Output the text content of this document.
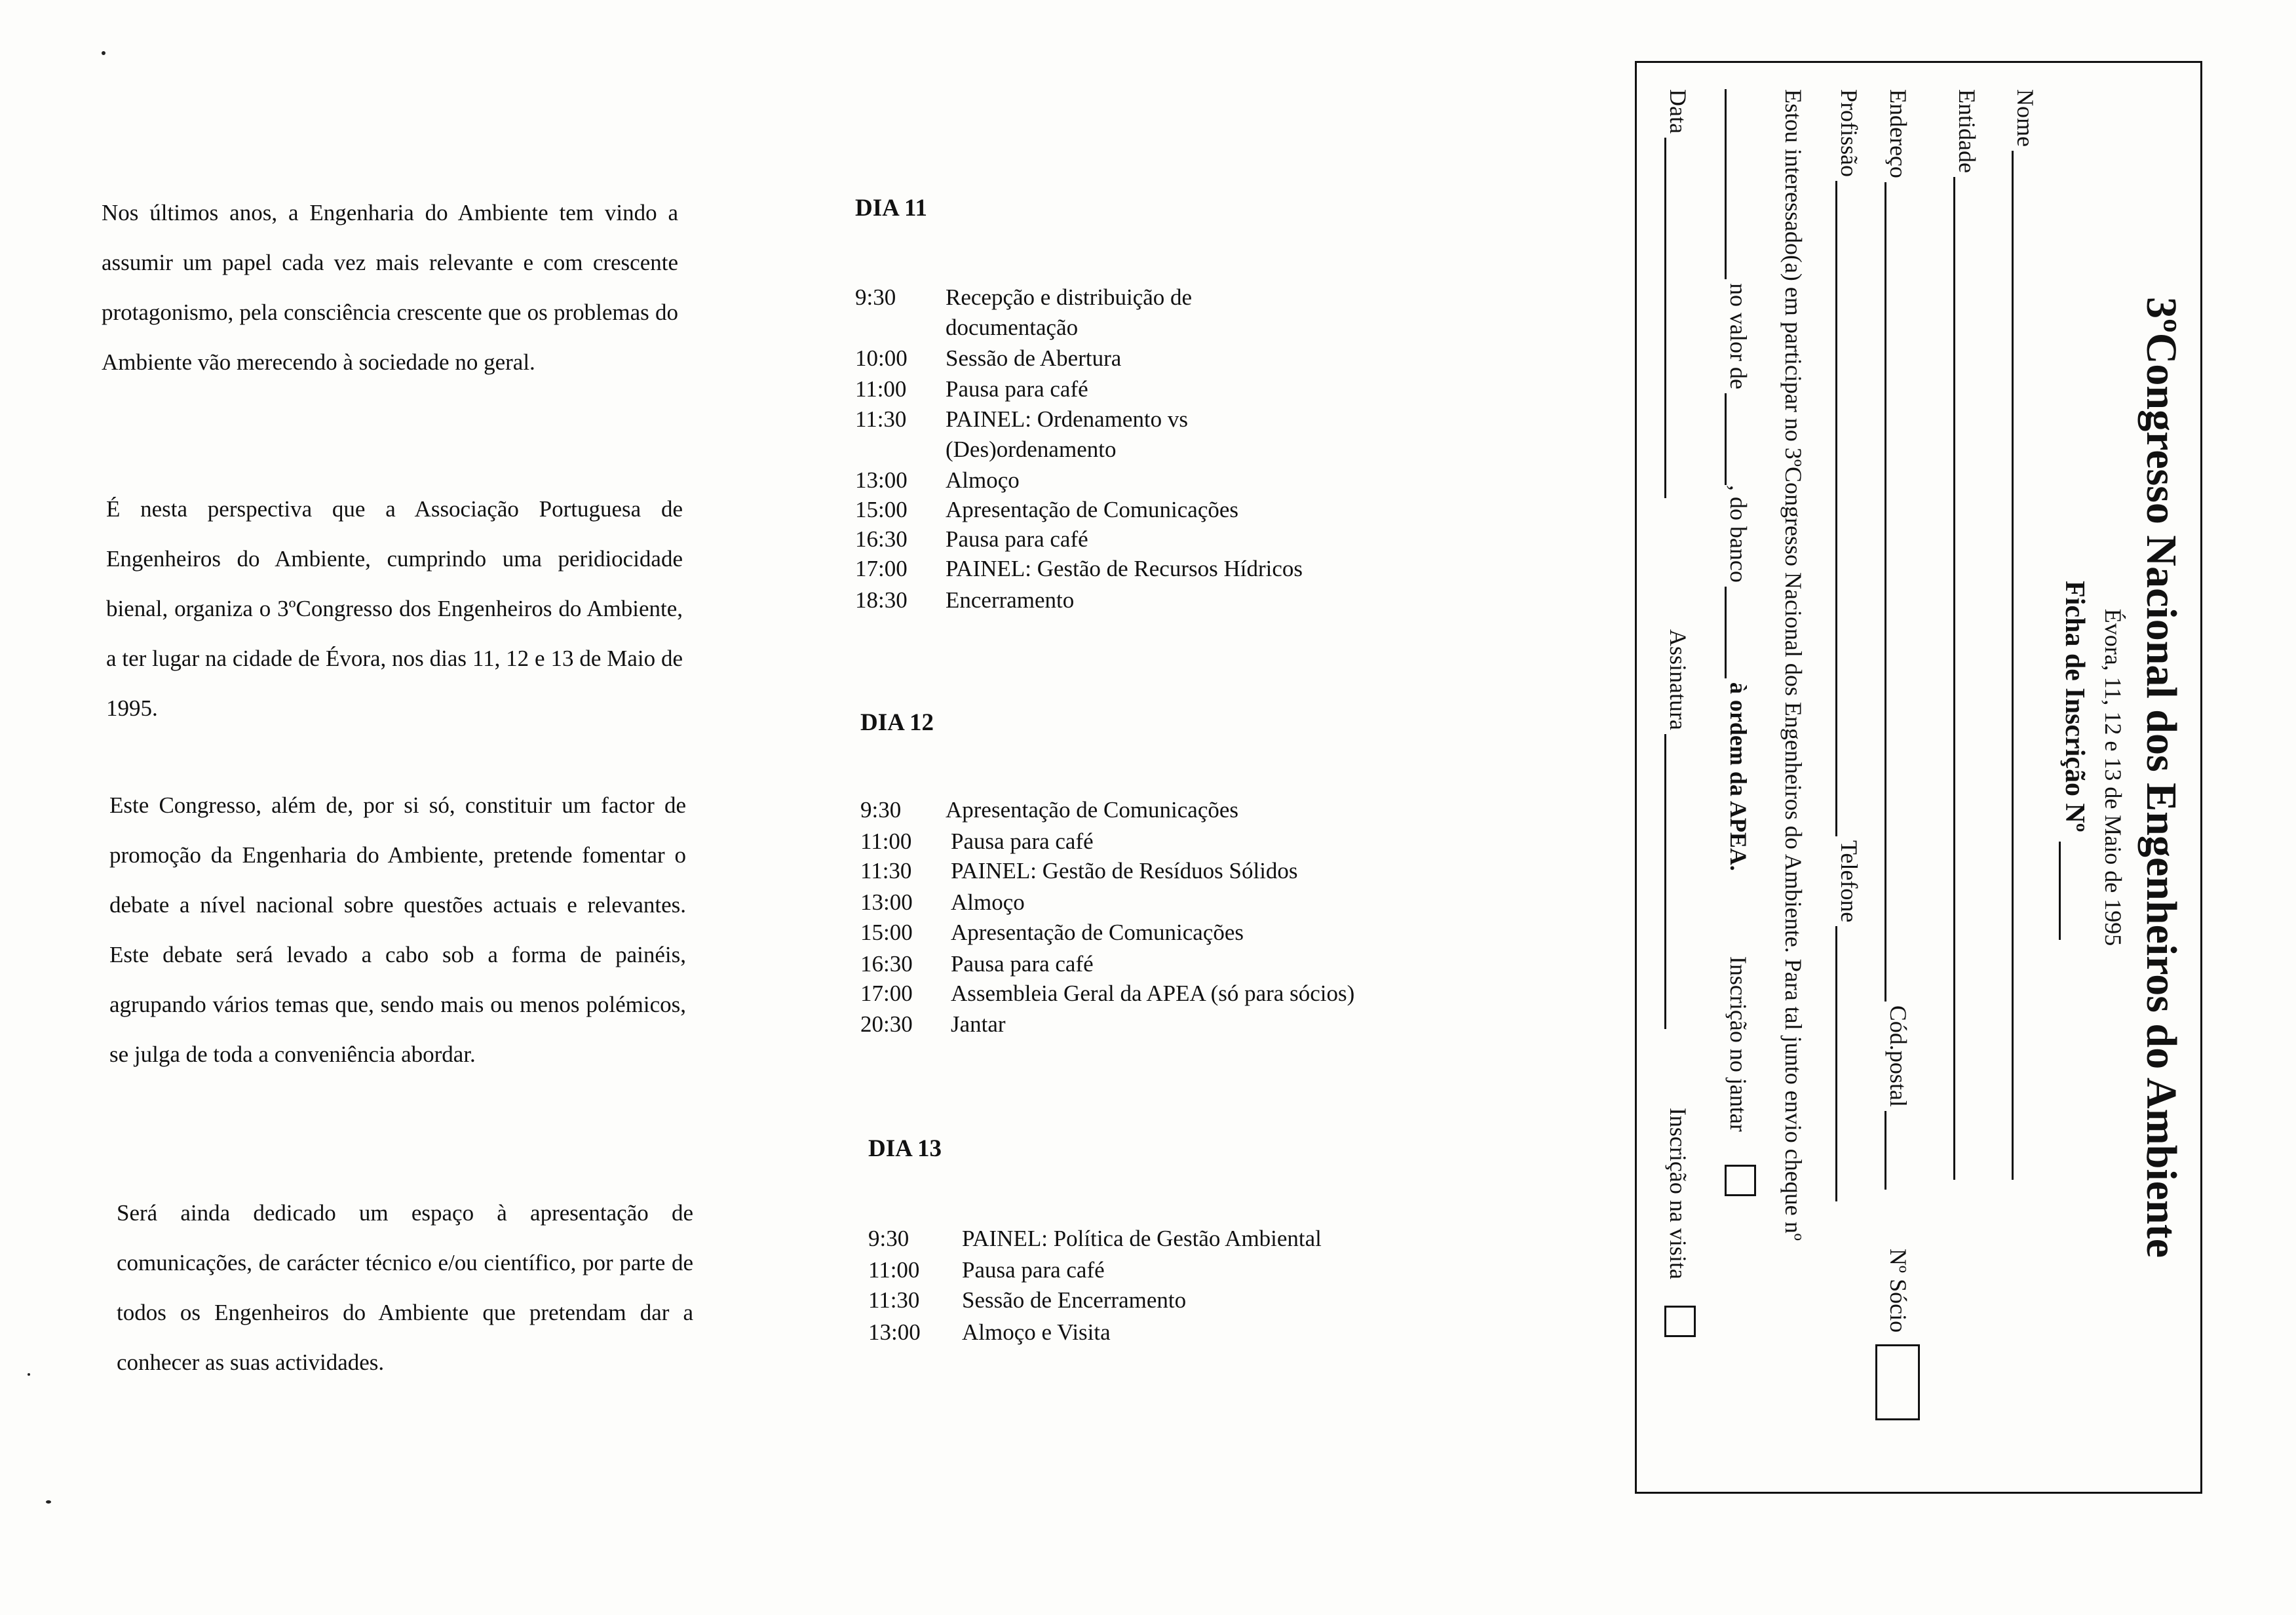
Nos últimos anos, a Engenharia do Ambiente tem vindo a assumir um papel cada vez mais relevante e com crescente protagonismo, pela consciência crescente que os problemas do Ambiente vão merecendo à sociedade no geral.

É nesta perspectiva que a Associação Portuguesa de Engenheiros do Ambiente, cumprindo uma peridiocidade bienal, organiza o 3ºCongresso dos Engenheiros do Ambiente, a ter lugar na cidade de Évora, nos dias 11, 12 e 13 de Maio de 1995.

Este Congresso, além de, por si só, constituir um factor de promoção da Engenharia do Ambiente, pretende fomentar o debate a nível nacional sobre questões actuais e relevantes. Este debate será levado a cabo sob a forma de painéis, agrupando vários temas que, sendo mais ou menos polémicos, se julga de toda a conveniência abordar.

Será ainda dedicado um espaço à apresentação de comunicações, de carácter técnico e/ou científico, por parte de todos os Engenheiros do Ambiente que pretendam dar a conhecer as suas actividades.

DIA 11
9:30 Recepção e distribuição de documentação
10:00 Sessão de Abertura
11:00 Pausa para café
11:30 PAINEL: Ordenamento vs (Des)ordenamento
13:00 Almoço
15:00 Apresentação de Comunicações
16:30 Pausa para café
17:00 PAINEL: Gestão de Recursos Hídricos
18:30 Encerramento
DIA 12
9:30 Apresentação de Comunicações
11:00 Pausa para café
11:30 PAINEL: Gestão de Resíduos Sólidos
13:00 Almoço
15:00 Apresentação de Comunicações
16:30 Pausa para café
17:00 Assembleia Geral da APEA (só para sócios)
20:30 Jantar
DIA 13
9:30 PAINEL: Política de Gestão Ambiental
11:00 Pausa para café
11:30 Sessão de Encerramento
13:00 Almoço e Visita
3ºCongresso Nacional dos Engenheiros do Ambiente
Évora, 11, 12 e 13 de Maio de 1995
Ficha de Inscrição Nº
Nome
Entidade
Endereço
Cód.postal
Nº Sócio
Profissão
Telefone
Estou interessado(a) em participar no 3ºCongresso Nacional dos Engenheiros do Ambiente. Para tal junto envio cheque nº
no valor de
, do banco
à ordem da APEA.
Inscrição no jantar
Data
Assinatura
Inscrição na visita
